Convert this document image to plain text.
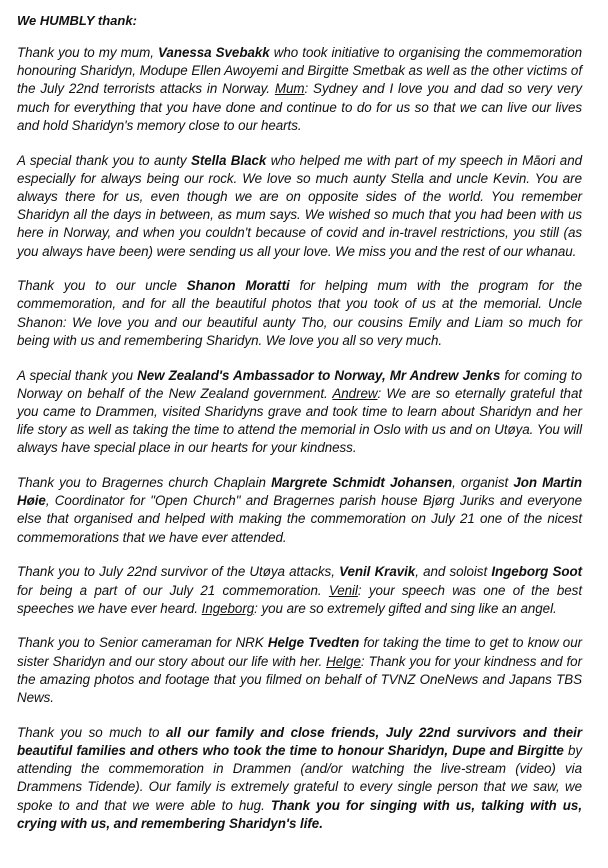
We HUMBLY thank:

Thank you to my mum, Vanessa Svebakk who took initiative to organising the commemoration honouring Sharidyn, Modupe Ellen Awoyemi and Birgitte Smetbak as well as the other victims of the July 22nd terrorists attacks in Norway. Mum: Sydney and I love you and dad so very very much for everything that you have done and continue to do for us so that we can live our lives and hold Sharidyn's memory close to our hearts.

A special thank you to aunty Stella Black who helped me with part of my speech in Māori and especially for always being our rock. We love so much aunty Stella and uncle Kevin. You are always there for us, even though we are on opposite sides of the world. You remember Sharidyn all the days in between, as mum says. We wished so much that you had been with us here in Norway, and when you couldn't because of covid and in-travel restrictions, you still (as you always have been) were sending us all your love. We miss you and the rest of our whanau.

Thank you to our uncle Shanon Moratti for helping mum with the program for the commemoration, and for all the beautiful photos that you took of us at the memorial. Uncle Shanon: We love you and our beautiful aunty Tho, our cousins Emily and Liam so much for being with us and remembering Sharidyn. We love you all so very much.

A special thank you New Zealand's Ambassador to Norway, Mr Andrew Jenks for coming to Norway on behalf of the New Zealand government. Andrew: We are so eternally grateful that you came to Drammen, visited Sharidyns grave and took time to learn about Sharidyn and her life story as well as taking the time to attend the memorial in Oslo with us and on Utøya. You will always have special place in our hearts for your kindness.

Thank you to Bragernes church Chaplain Margrete Schmidt Johansen, organist Jon Martin Høie, Coordinator for "Open Church" and Bragernes parish house Bjørg Juriks and everyone else that organised and helped with making the commemoration on July 21 one of the nicest commemorations that we have ever attended.

Thank you to July 22nd survivor of the Utøya attacks, Venil Kravik, and soloist Ingeborg Soot for being a part of our July 21 commemoration. Venil: your speech was one of the best speeches we have ever heard. Ingeborg: you are so extremely gifted and sing like an angel.

Thank you to Senior cameraman for NRK Helge Tvedten for taking the time to get to know our sister Sharidyn and our story about our life with her. Helge: Thank you for your kindness and for the amazing photos and footage that you filmed on behalf of TVNZ OneNews and Japans TBS News.

Thank you so much to all our family and close friends, July 22nd survivors and their beautiful families and others who took the time to honour Sharidyn, Dupe and Birgitte by attending the commemoration in Drammen (and/or watching the live-stream (video) via Drammens Tidende). Our family is extremely grateful to every single person that we saw, we spoke to and that we were able to hug. Thank you for singing with us, talking with us, crying with us, and remembering Sharidyn's life.
